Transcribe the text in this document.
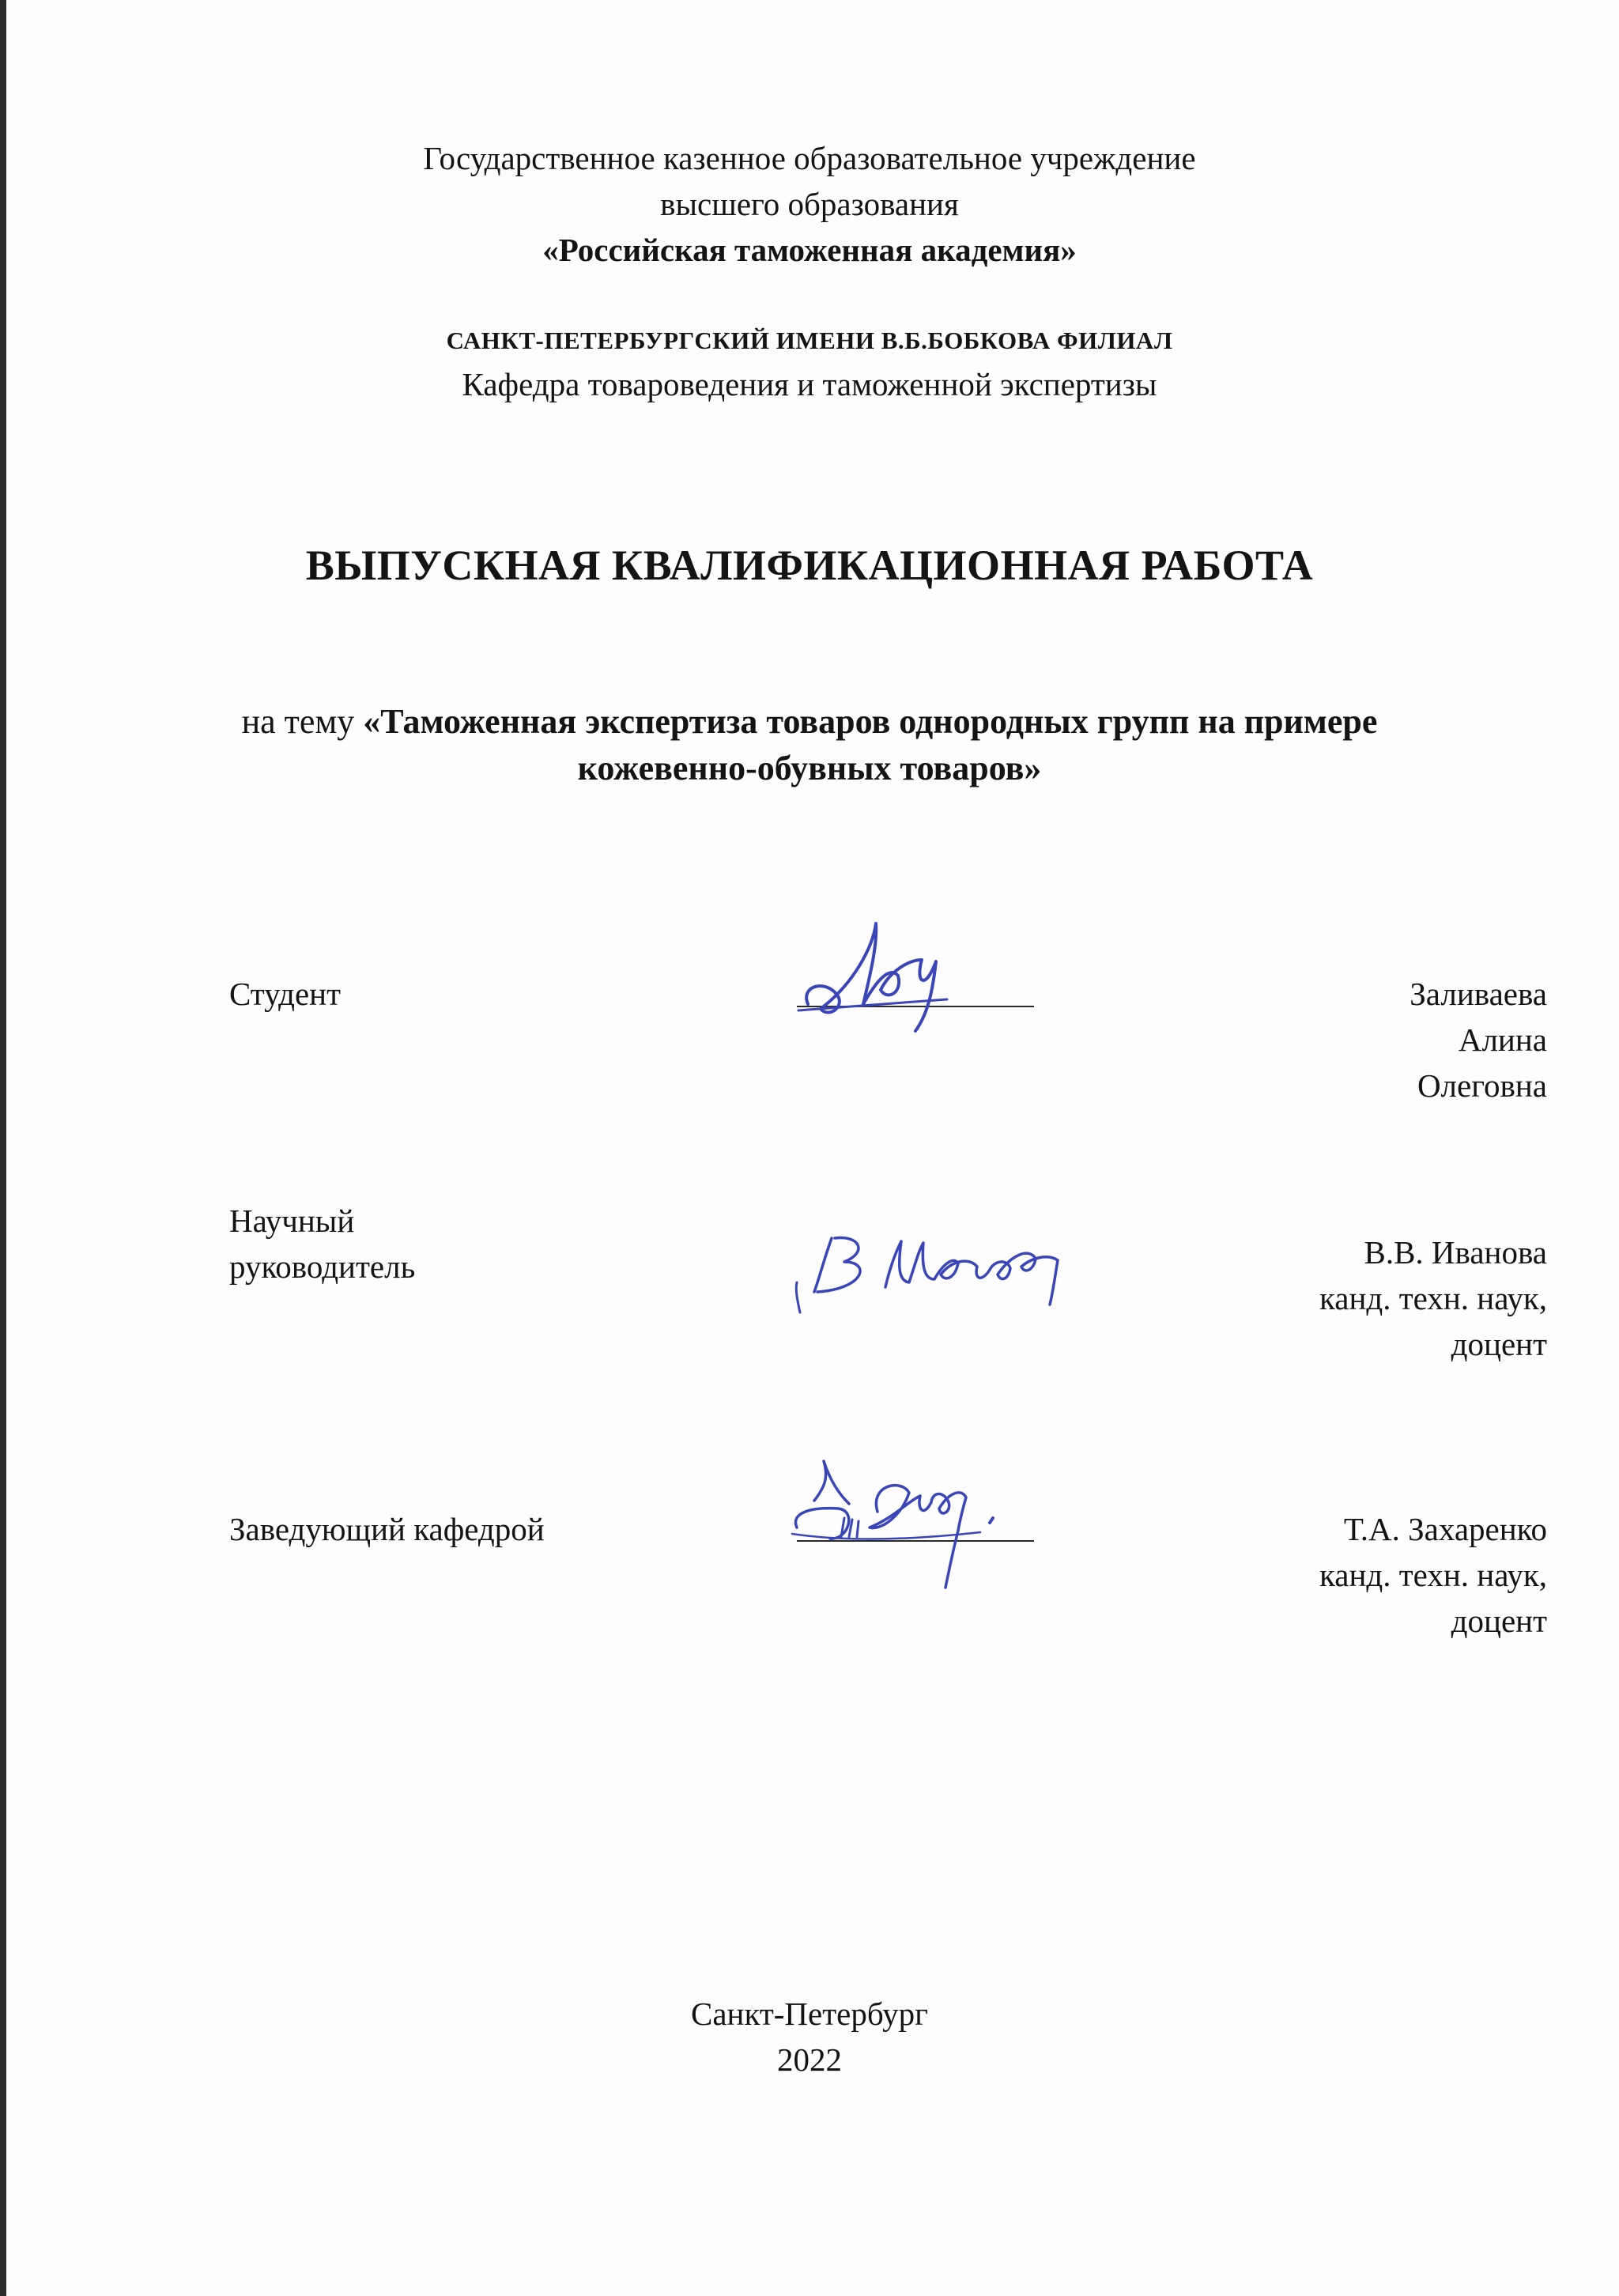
Государственное казенное образовательное учреждение
высшего образования
«Российская таможенная академия»
САНКТ-ПЕТЕРБУРГСКИЙ ИМЕНИ В.Б.БОБКОВА ФИЛИАЛ
Кафедра товароведения и таможенной экспертизы
ВЫПУСКНАЯ КВАЛИФИКАЦИОННАЯ РАБОТА
на тему «Таможенная экспертиза товаров однородных групп на примере
кожевенно-обувных товаров»
Студент	Заливаева
Алина
Олеговна
Научный
руководитель	В.В. Иванова
канд. техн. наук,
доцент
Заведующий кафедрой	Т.А. Захаренко
канд. техн. наук,
доцент
Санкт-Петербург
2022
